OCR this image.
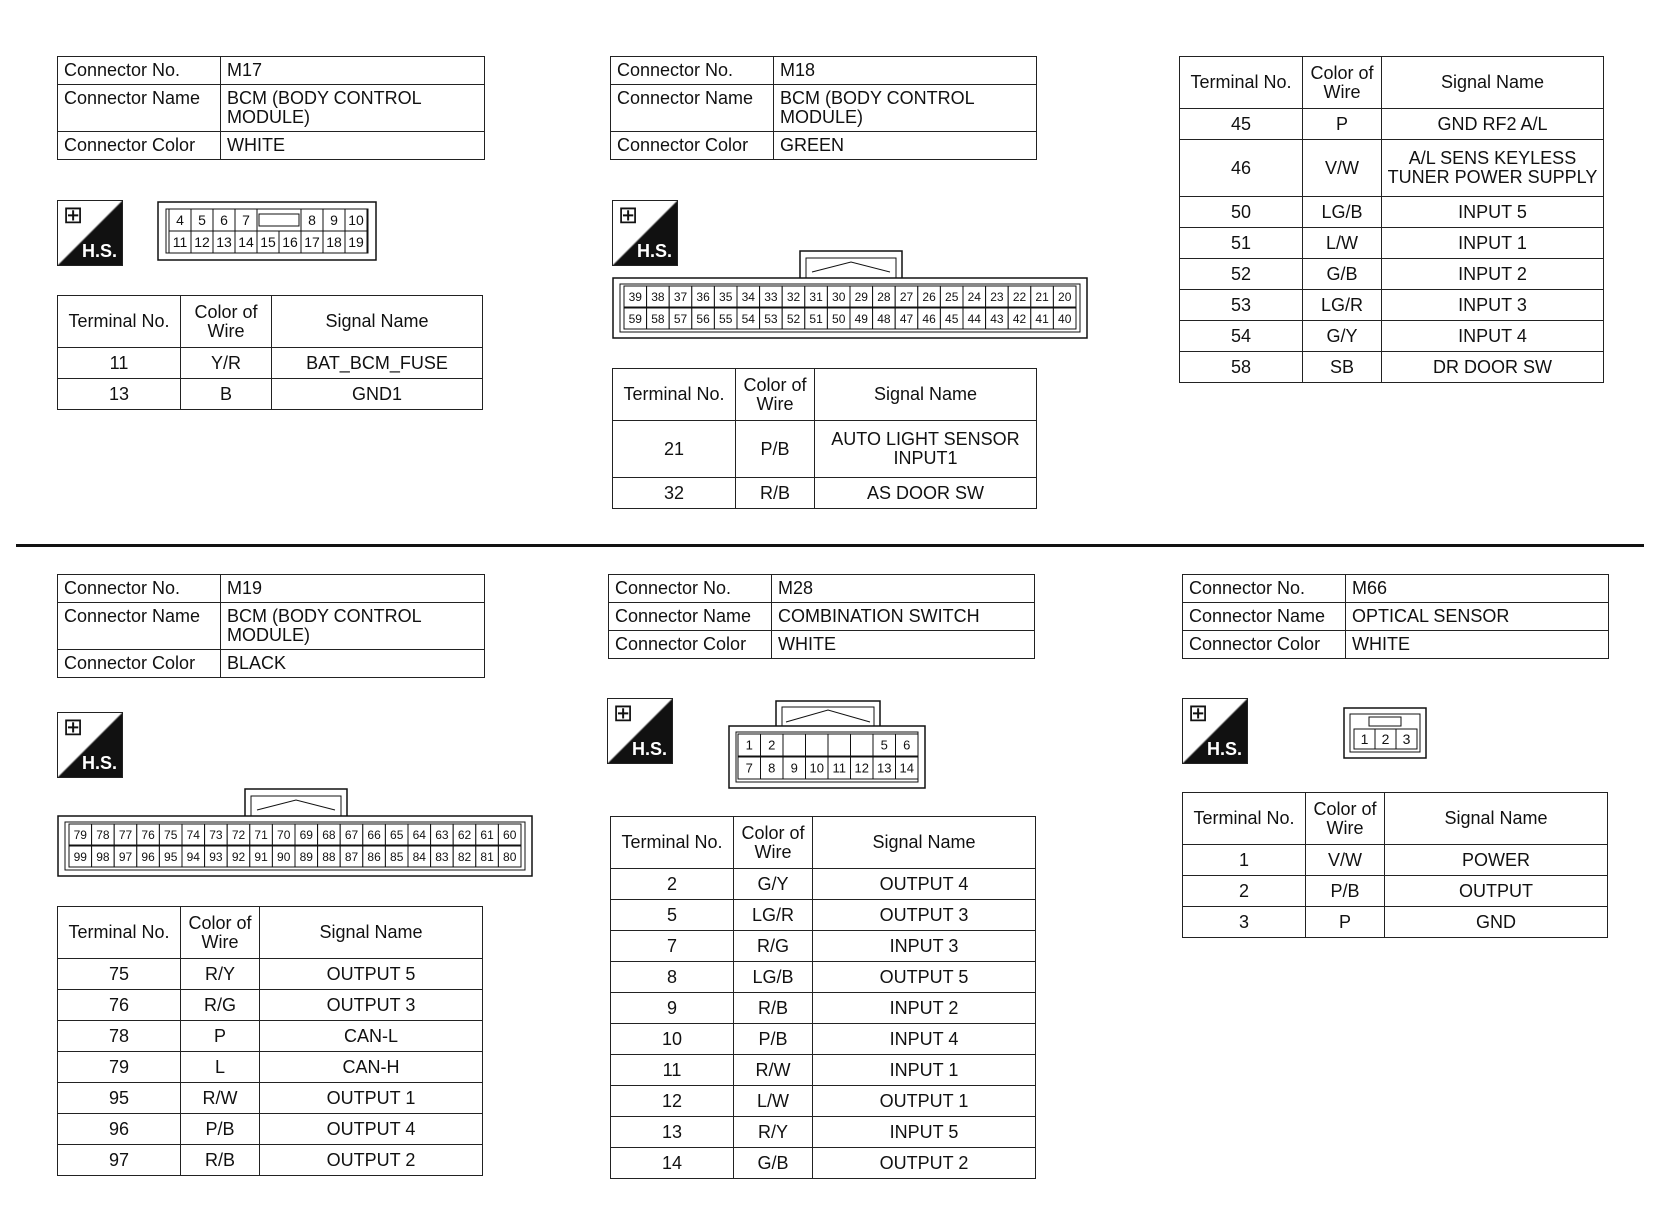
Connector No.	M17
Connector Name	BCM (BODY CONTROL MODULE)
Connector Color	WHITE
⊞
H.S.
4 5 6 7	8 9 10
11 12 13 14 15 16 17 18 19
Terminal No.	Color of Wire	Signal Name
11	Y/R	BAT_BCM_FUSE
13	B	GND1
Connector No.	M18
Connector Name	BCM (BODY CONTROL MODULE)
Connector Color	GREEN
⊞
H.S.
39 38 37 36 35 34 33 32 31 30 29 28 27 26 25 24 23 22 21 20
59 58 57 56 55 54 53 52 51 50 49 48 47 46 45 44 43 42 41 40
Terminal No.	Color of Wire	Signal Name
21	P/B	AUTO LIGHT SENSOR INPUT1
32	R/B	AS DOOR SW
Terminal No.	Color of Wire	Signal Name
45	P	GND RF2 A/L
46	V/W	A/L SENS KEYLESS TUNER POWER SUPPLY
50	LG/B	INPUT 5
51	L/W	INPUT 1
52	G/B	INPUT 2
53	LG/R	INPUT 3
54	G/Y	INPUT 4
58	SB	DR DOOR SW
Connector No.	M19
Connector Name	BCM (BODY CONTROL MODULE)
Connector Color	BLACK
⊞
H.S.
79 78 77 76 75 74 73 72 71 70 69 68 67 66 65 64 63 62 61 60
99 98 97 96 95 94 93 92 91 90 89 88 87 86 85 84 83 82 81 80
Terminal No.	Color of Wire	Signal Name
75	R/Y	OUTPUT 5
76	R/G	OUTPUT 3
78	P	CAN-L
79	L	CAN-H
95	R/W	OUTPUT 1
96	P/B	OUTPUT 4
97	R/B	OUTPUT 2
Connector No.	M28
Connector Name	COMBINATION SWITCH
Connector Color	WHITE
⊞
H.S.	1 2	5 6
7 8 9 10 11 12 13 14
Terminal No.	Color of Wire	Signal Name
2	G/Y	OUTPUT 4
5	LG/R	OUTPUT 3
7	R/G	INPUT 3
8	LG/B	OUTPUT 5
9	R/B	INPUT 2
10	P/B	INPUT 4
11	R/W	INPUT 1
12	L/W	OUTPUT 1
13	R/Y	INPUT 5
14	G/B	OUTPUT 2
Connector No.	M66
Connector Name	OPTICAL SENSOR
Connector Color	WHITE
⊞
H.S.	1 2 3
Terminal No.	Color of Wire	Signal Name
1	V/W	POWER
2	P/B	OUTPUT
3	P	GND
